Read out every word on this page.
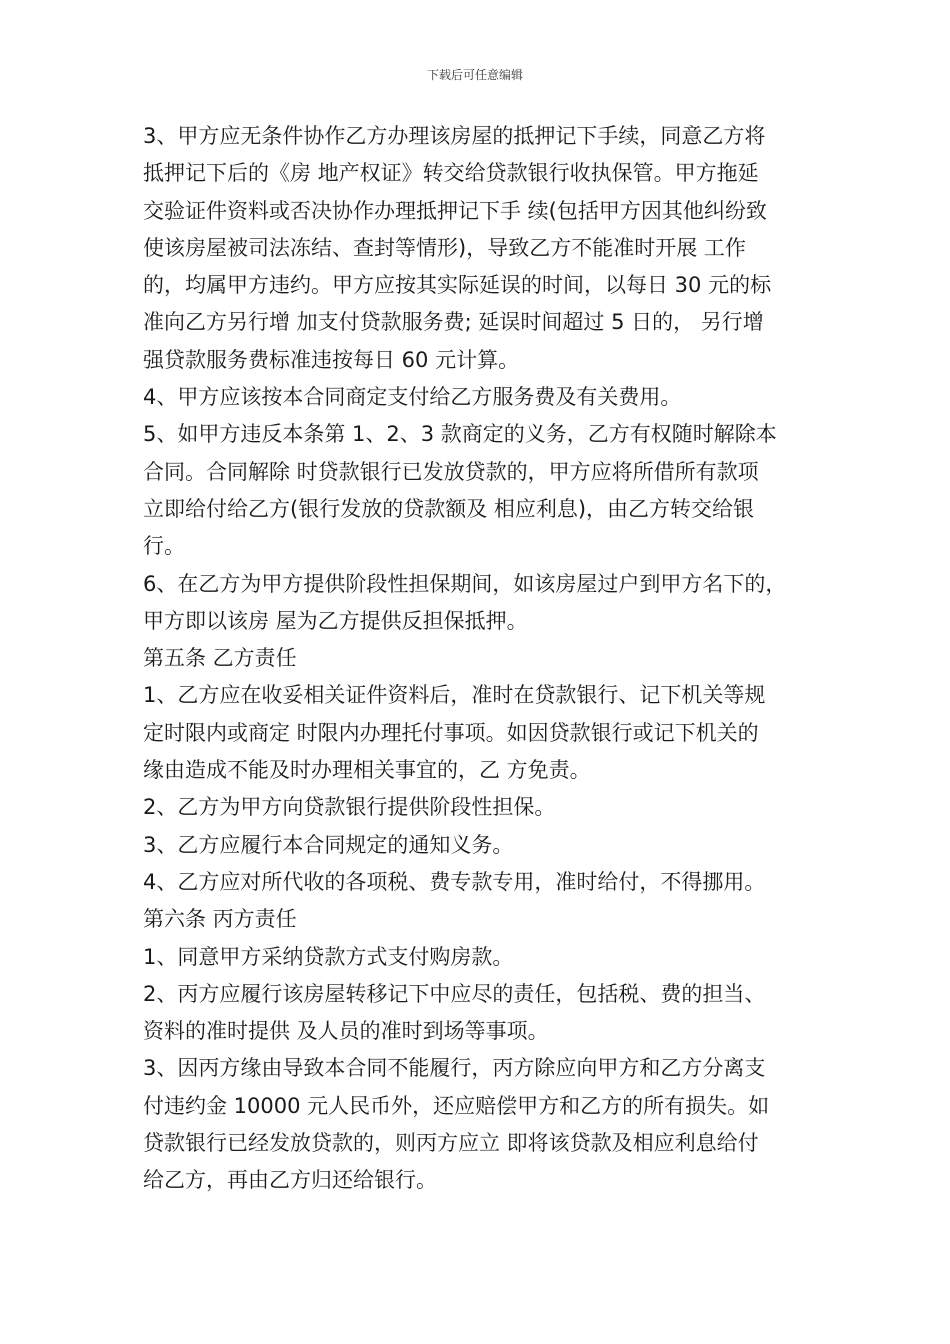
下载后可任意编辑
3、甲方应无条件协作乙方办理该房屋的抵押记下手续，同意乙方将
抵押记下后的《房 地产权证》转交给贷款银行收执保管。甲方拖延
交验证件资料或否决协作办理抵押记下手 续(包括甲方因其他纠纷致
使该房屋被司法冻结、查封等情形)，导致乙方不能准时开展 工作
的，均属甲方违约。甲方应按其实际延误的时间，以每日 30 元的标
准向乙方另行增 加支付贷款服务费; 延误时间超过 5 日的， 另行增
强贷款服务费标准违按每日 60 元计算。
4、甲方应该按本合同商定支付给乙方服务费及有关费用。
5、如甲方违反本条第 1、2、3 款商定的义务，乙方有权随时解除本
合同。合同解除 时贷款银行已发放贷款的，甲方应将所借所有款项
立即给付给乙方(银行发放的贷款额及 相应利息)，由乙方转交给银
行。
6、在乙方为甲方提供阶段性担保期间，如该房屋过户到甲方名下的，
甲方即以该房 屋为乙方提供反担保抵押。
第五条 乙方责任
1、乙方应在收妥相关证件资料后，准时在贷款银行、记下机关等规
定时限内或商定 时限内办理托付事项。如因贷款银行或记下机关的
缘由造成不能及时办理相关事宜的，乙 方免责。
2、乙方为甲方向贷款银行提供阶段性担保。
3、乙方应履行本合同规定的通知义务。
4、乙方应对所代收的各项税、费专款专用，准时给付，不得挪用。
第六条 丙方责任
1、同意甲方采纳贷款方式支付购房款。
2、丙方应履行该房屋转移记下中应尽的责任，包括税、费的担当、
资料的准时提供 及人员的准时到场等事项。
3、因丙方缘由导致本合同不能履行，丙方除应向甲方和乙方分离支
付违约金 10000 元人民币外，还应赔偿甲方和乙方的所有损失。如
贷款银行已经发放贷款的，则丙方应立 即将该贷款及相应利息给付
给乙方，再由乙方归还给银行。
